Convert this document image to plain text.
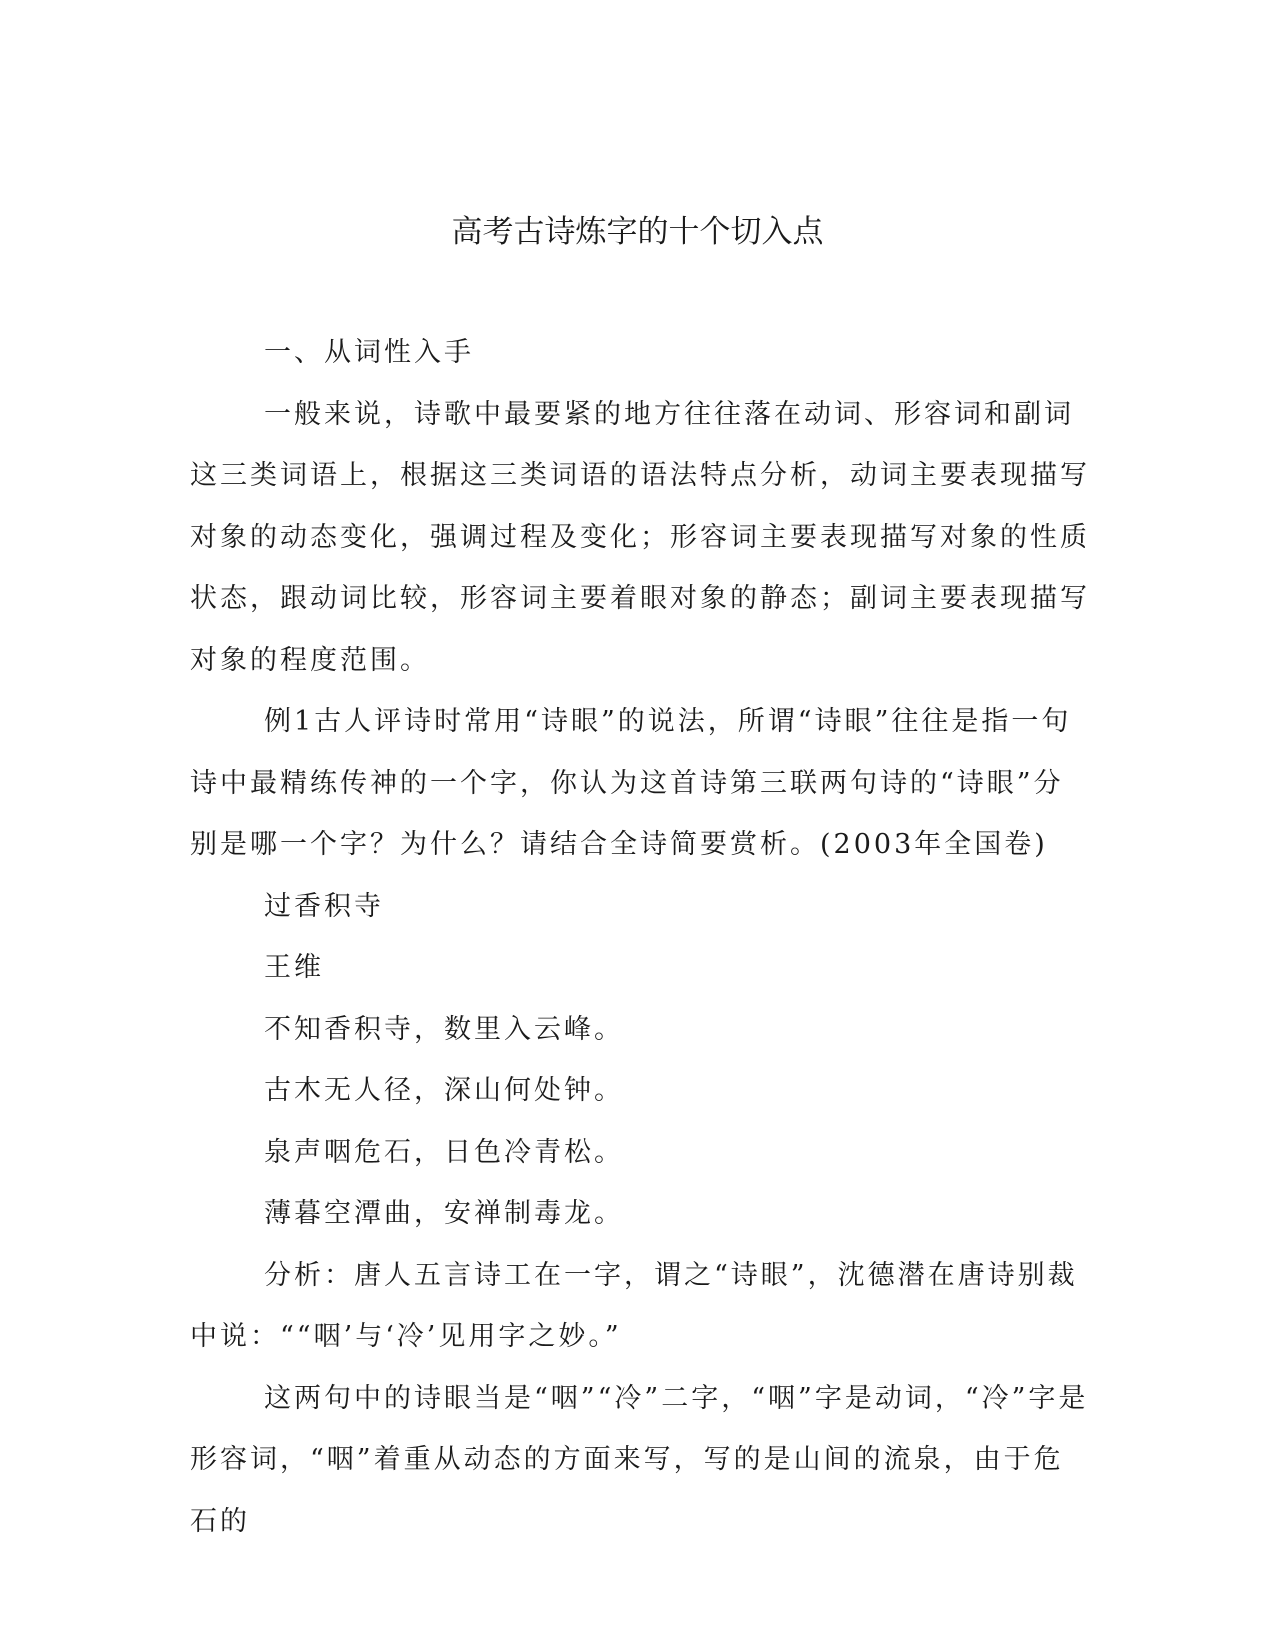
高考古诗炼字的十个切入点

一、从词性入手

一般来说，诗歌中最要紧的地方往往落在动词、形容词和副词这三类词语上，根据这三类词语的语法特点分析，动词主要表现描写对象的动态变化，强调过程及变化；形容词主要表现描写对象的性质状态，跟动词比较，形容词主要着眼对象的静态；副词主要表现描写对象的程度范围。

例1古人评诗时常用“诗眼”的说法，所谓“诗眼”往往是指一句诗中最精练传神的一个字，你认为这首诗第三联两句诗的“诗眼”分别是哪一个字？为什么？请结合全诗简要赏析。(2003年全国卷)

过香积寺

王维

不知香积寺，数里入云峰。

古木无人径，深山何处钟。

泉声咽危石，日色冷青松。

薄暮空潭曲，安禅制毒龙。

分析：唐人五言诗工在一字，谓之“诗眼”，沈德潜在唐诗别裁中说：““咽’与‘冷’见用字之妙。”

这两句中的诗眼当是“咽”“冷”二字，“咽”字是动词，“冷”字是形容词，“咽”着重从动态的方面来写，写的是山间的流泉，由于危石的
